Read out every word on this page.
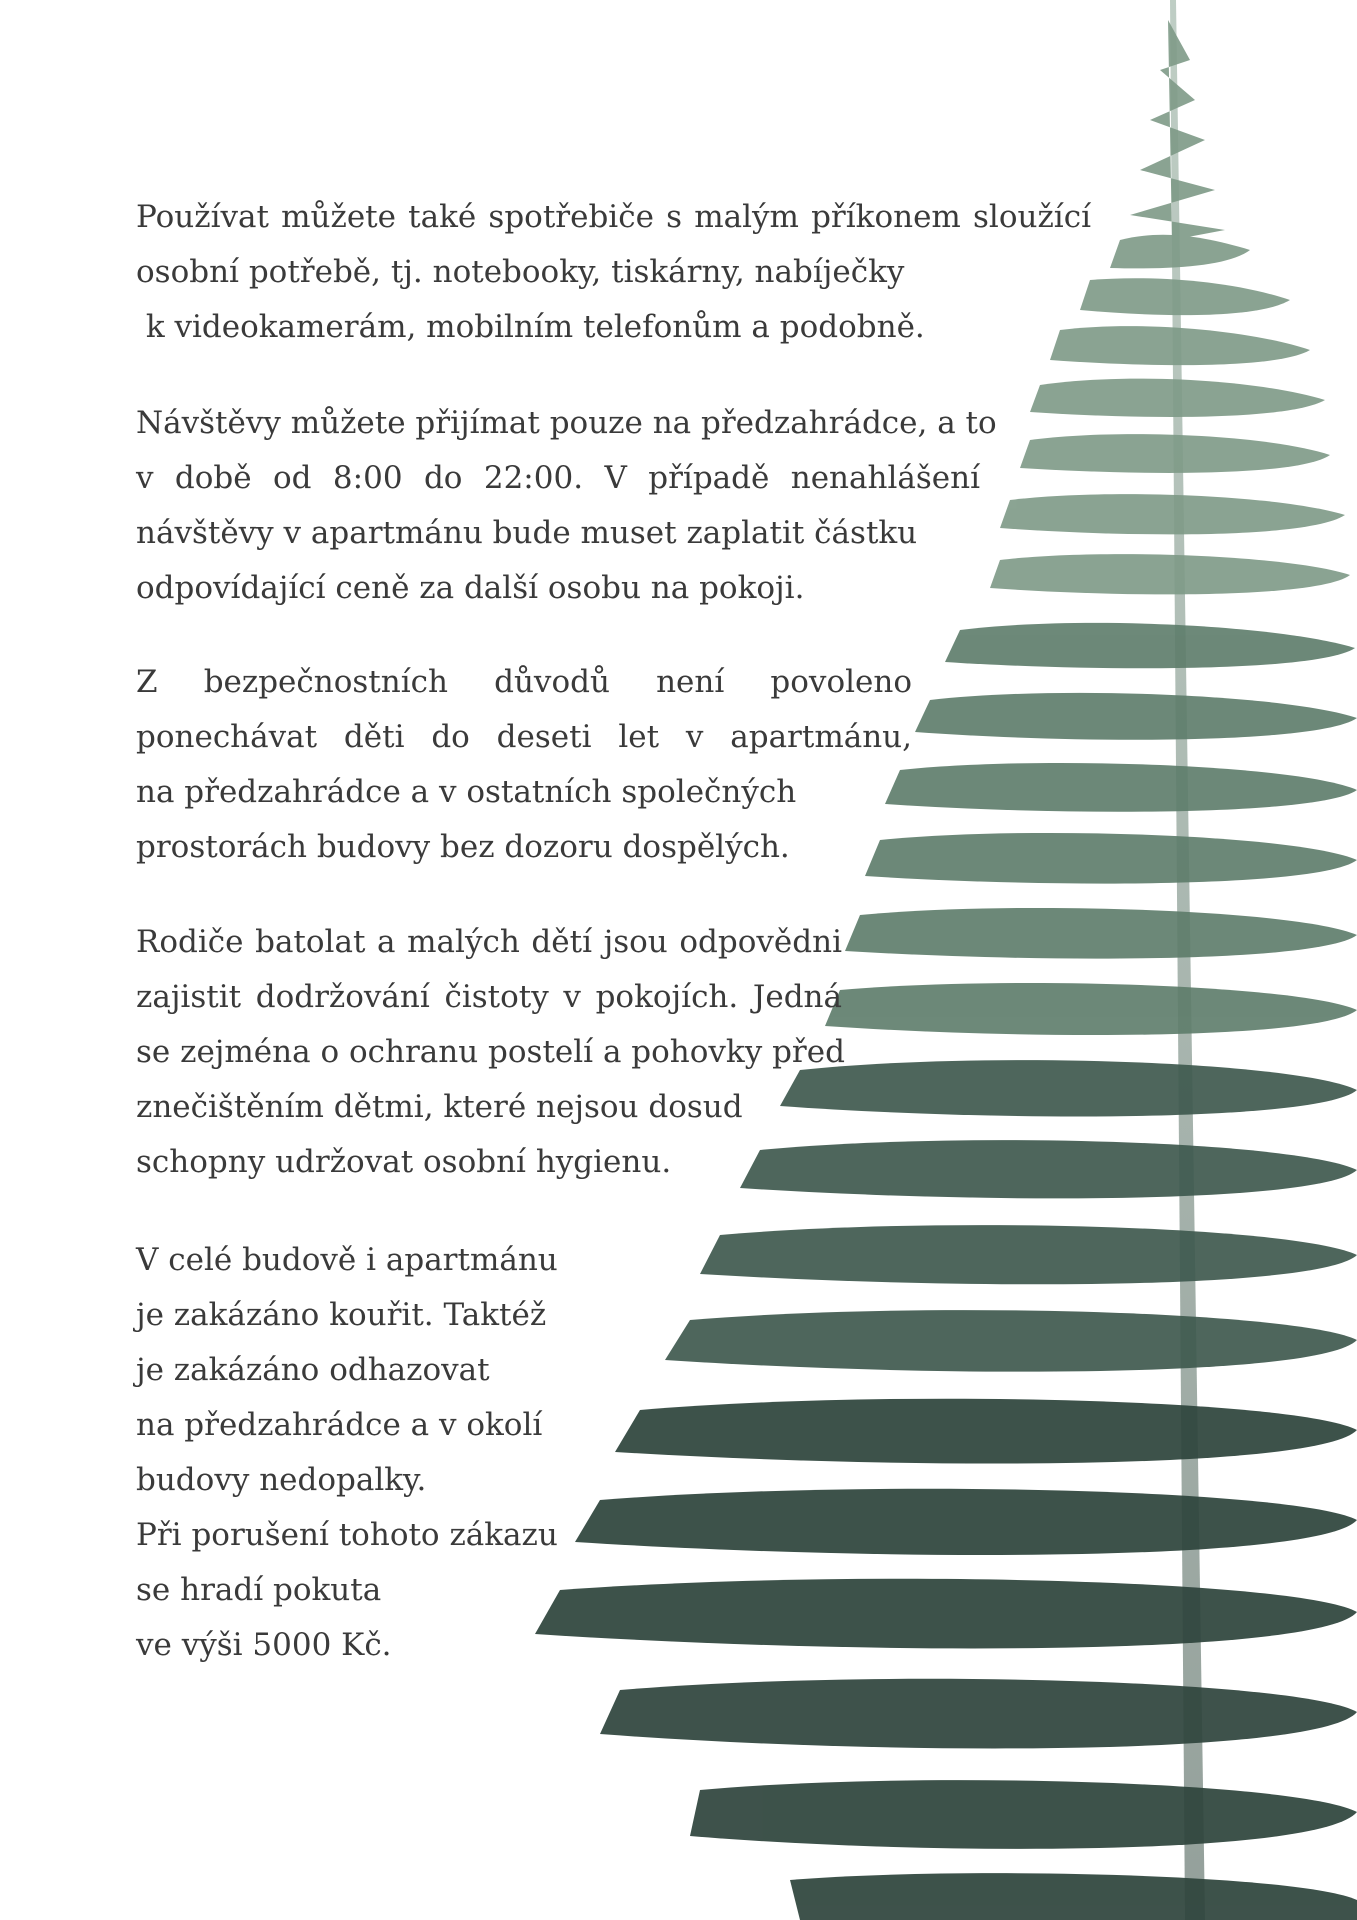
Používat můžete také spotřebiče s malým příkonem sloužící
osobní potřebě, tj. notebooky, tiskárny, nabíječky
k videokamerám, mobilním telefonům a podobně.

Návštěvy můžete přijímat pouze na předzahrádce, a to
v době od 8:00 do 22:00. V případě nenahlášení
návštěvy v apartmánu bude muset zaplatit částku
odpovídající ceně za další osobu na pokoji.

Z bezpečnostních důvodů není povoleno
ponechávat děti do deseti let v apartmánu,
na předzahrádce a v ostatních společných
prostorách budovy bez dozoru dospělých.

Rodiče batolat a malých dětí jsou odpovědni
zajistit dodržování čistoty v pokojích. Jedná
se zejména o ochranu postelí a pohovky před
znečištěním dětmi, které nejsou dosud
schopny udržovat osobní hygienu.

V celé budově i apartmánu
je zakázáno kouřit. Taktéž
je zakázáno odhazovat
na předzahrádce a v okolí
budovy nedopalky.
Při porušení tohoto zákazu
se hradí pokuta
ve výši 5000 Kč.
